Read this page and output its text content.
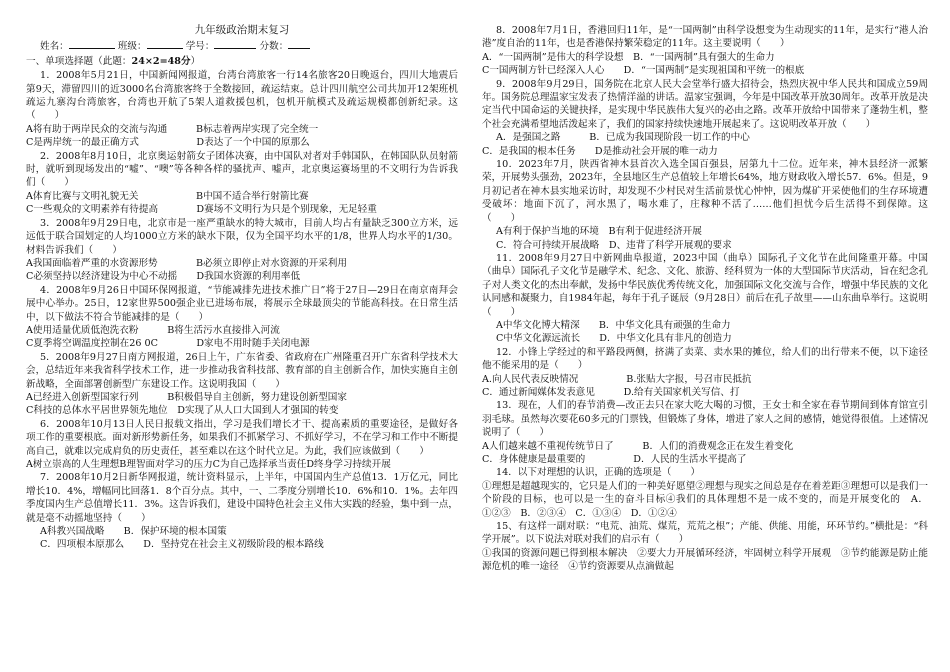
九年级政治期末复习
姓名：	班级：	学号：	分数：
一、单项选择题（此题：24×2=48分）
1．2008年5月21日，中国新闻网报道，台湾台湾旅客一行14名旅客20日晚返台，四川大地震后第9天，滞留四川的近3000名台湾旅客终于全数接回，疏运结束。总计四川航空公司共加开12架班机疏运九寨沟台湾旅客，台湾也开航了5架人道救援包机，包机开航模式及疏运规模都创新纪录。这（　　）
A将有助于两岸民众的交流与沟通　　　B标志着两岸实现了完全统一
C是两岸统一的最正确方式　　　　　　D表达了一个中国的原那么
2．2008年8月10日，北京奥运射箭女子团体决赛，由中国队对者对手韩国队，在韩国队队员射箭时，就听到现场发出的“嘘”、“噢”等各种各样的骚扰声、嘘声，北京奥运赛场里的不文明行为告诉我们（　　）
A体育比赛与文明礼貌无关　　　　　　B中国不适合举行射箭比赛
C一些观众的文明素养有待提高　　　　D赛场不文明行为只是个别现象，无足轻重
3．2008年9月29日电，北京市是一座严重缺水的特大城市，目前人均占有量缺乏300立方米，远远低于联合国划定的人均1000立方米的缺水下限，仅为全国平均水平的1/8，世界人均水平的1/30。材料告诉我们（　　）
A我国面临着严重的水资源形势　　　　B必须立即停止对水资源的开采利用
C必须坚持以经济建设为中心不动摇　　D我国水资源的利用率低
4．2008年9月26日中国环保网报道，“节能减排先进技术推广日”将于27日—29日在南京南拜会展中心举办。25日，12家世界500强企业已进场布展，将展示全球最顶尖的节能高科技。在日常生活中，以下做法不符合节能减排的是（　　）
A使用适量优质低泡洗衣粉　　　B将生活污水直接排入河流
C夏季将空调温度控制在26 0C　　　　D家电不用时随手关闭电源
5．2008年9月27日南方网报道，26日上午，广东省委、省政府在广州隆重召开广东省科学技术大会，总结近年来我省科学技术工作，进一步推动我省科技部、教育部的自主创新合作，加快实施自主创新战略，全面部署创新型广东建设工作。这说明我国（　　）
A已经进入创新型国家行列　　　B积极倡导自主创新，努力建设创新型国家
C科技的总体水平居世界领先地位　D实现了从人口大国到人才强国的转变
6．2008年10月13日人民日报载文指出，学习是我们增长才干、提高素质的重要途径，是做好各项工作的重要根底。面对新形势新任务，如果我们不抓紧学习、不抓好学习，不在学习和工作中不断提高自己，就难以完成肩负的历史责任，甚至难以在这个时代立足。为此，我们应该做到（　　）
A树立崇高的人生理想B理智面对学习的压力C为自己选择承当责任D终身学习持续开展
7．2008年10月2日新华网报道，统计资料显示，上半年，中国国内生产总值13．1万亿元，同比增长10．4%，增幅同比回落1．8个百分点。其中，一、二季度分别增长10．6%和10．1%。去年四季度国内生产总值增长11．3%。这告诉我们，建设中国特色社会主义伟大实践的经验，集中到一点，就是毫不动摇地坚持（　　）
A科教兴国战略　　B．保护环境的根本国策
C．四项根本原那么　　D．坚持党在社会主义初级阶段的根本路线
8．2008年7月1日，香港回归11年，是“一国两制”由科学设想变为生动现实的11年，是实行“港人治港”度自治的11年，也是香港保持繁荣稳定的11年。这主要说明（　　）
A．“一国两制”是伟大的科学设想　B．“一国两制”具有强大的生命力
C一国两制方针已经深入人心　　D．“一国两制”是实现祖国和平统一的根底
9．2008年9月29日，国务院在北京人民大会堂举行盛大招待会，热烈庆祝中华人民共和国成立59周年。国务院总理温家宝发表了热情洋溢的讲话。温家宝强调，今年是中国改革开放30周年。改革开放是决定当代中国命运的关键抉择，是实现中华民族伟大复兴的必由之路。改革开放给中国带来了蓬勃生机，整个社会充满希望地活泼起来了，我们的国家持续快速地开展起来了。这说明改革开放（　　）
A．是强国之路　　　B．已成为我国现阶段一切工作的中心
C．是我国的根本任务　　D是推动社会开展的唯一动力
10．2023年7月，陕西省神木县首次入选全国百强县，居第九十二位。近年来，神木县经济一派繁荣，开展势头强劲，2023年，全县地区生产总值较上年增长64%，地方财政收入增长57．6%。但是，9月初记者在神木县实地采访时，却发现不少村民对生活前景忧心忡忡，因为煤矿开采使他们的生存环境遭受破坏：地面下沉了，河水黑了，喝水难了，庄稼种不活了……他们担忧今后生活得不到保障。这（　　）
A有利于保护当地的环境　B有利于促进经济开展
C．符合可持续开展战略　D、违背了科学开展观的要求
11．2008年9月27日中新网曲阜报道，2023中国（曲阜）国际孔子文化节在此间隆重开幕。中国（曲阜）国际孔子文化节是融学术、纪念、文化、旅游、经科贸为一体的大型国际节庆活动，旨在纪念孔子对人类文化的杰出奉献，发扬中华民族优秀传统文化，加强国际文化交流与合作，增强中华民族的文化认同感和凝聚力，自1984年起，每年于孔子诞辰（9月28日）前后在孔子故里——山东曲阜举行。这说明（　　）
A中华文化博大精深　　B．中华文化具有顽强的生命力
C中华文化源远流长　　D．中华文化具有非凡的创造力
12．小锋上学经过的和平路段两侧，挤满了卖菜、卖水果的摊位，给人们的出行带来不便，以下途径他不能采用的是（　　）
A.向人民代表反映情况　　　　　B.张贴大字报，号召市民抵抗
C．通过新闻媒体发表意见　　　D.给有关国家机关写信、打
13．现在，人们的春节消费—改正去只在家大吃大喝的习惯，王女士和全家在春节期间到体育馆宣引羽毛球。虽然每次要花60多元的门票钱，但锻炼了身体，增进了家人之间的感情，她觉得很值。上述情况说明了（　　）
A人们越来越不重视传统节日了　　　B．人们的消费观念正在发生着变化
C．身体健康是最重要的　　　　　D．人民的生活水平提高了
14．以下对理想的认识，正确的选项是（　　）
①理想是超越现实的，它只是人们的一种美好愿望②理想与现实之间总是存在着差距③理想可以是我们一个阶段的目标，也可以是一生的奋斗目标④我们的具体理想不是一成不变的，而是开展变化的　A．①②③　B．②③④　C．①③④　D．①②④
15、有这样一副对联：“电荒、油荒、煤荒，荒荒之根”；产能、供能、用能，环环节约。”横批是：“科学开展”。以下说法对联对我们的启示有（　　）
①我国的资源问题已得到根本解决　②要大力开展循环经济，牢固树立科学开展观　③节约能源是防止能源危机的唯一途径　④节约资源要从点滴做起
